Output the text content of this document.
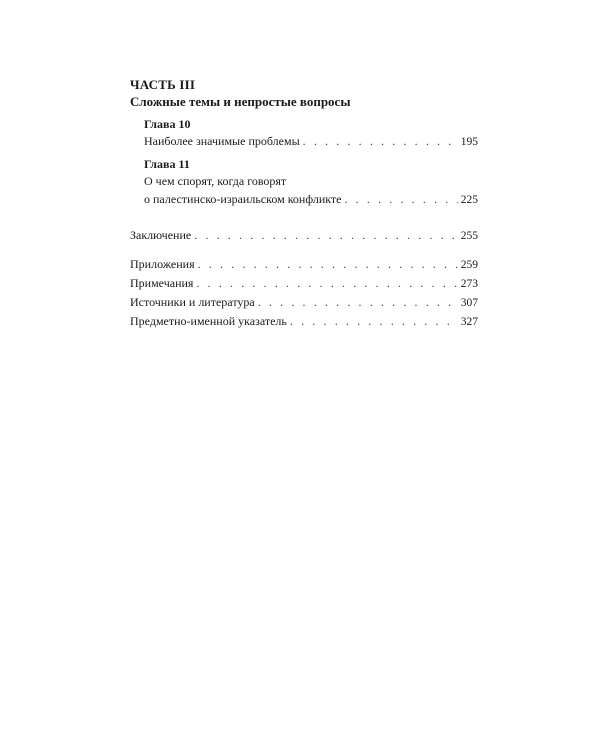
ЧАСТЬ III
Сложные темы и непростые вопросы
Глава 10
Наиболее значимые проблемы . . .	195
Глава 11
О чем спорят, когда говорят
о палестинско-израильском конфликте . . .	225
Заключение . . .	255
Приложения . . .	259
Примечания . . .	273
Источники и литература . . .	307
Предметно-именной указатель . . .	327
